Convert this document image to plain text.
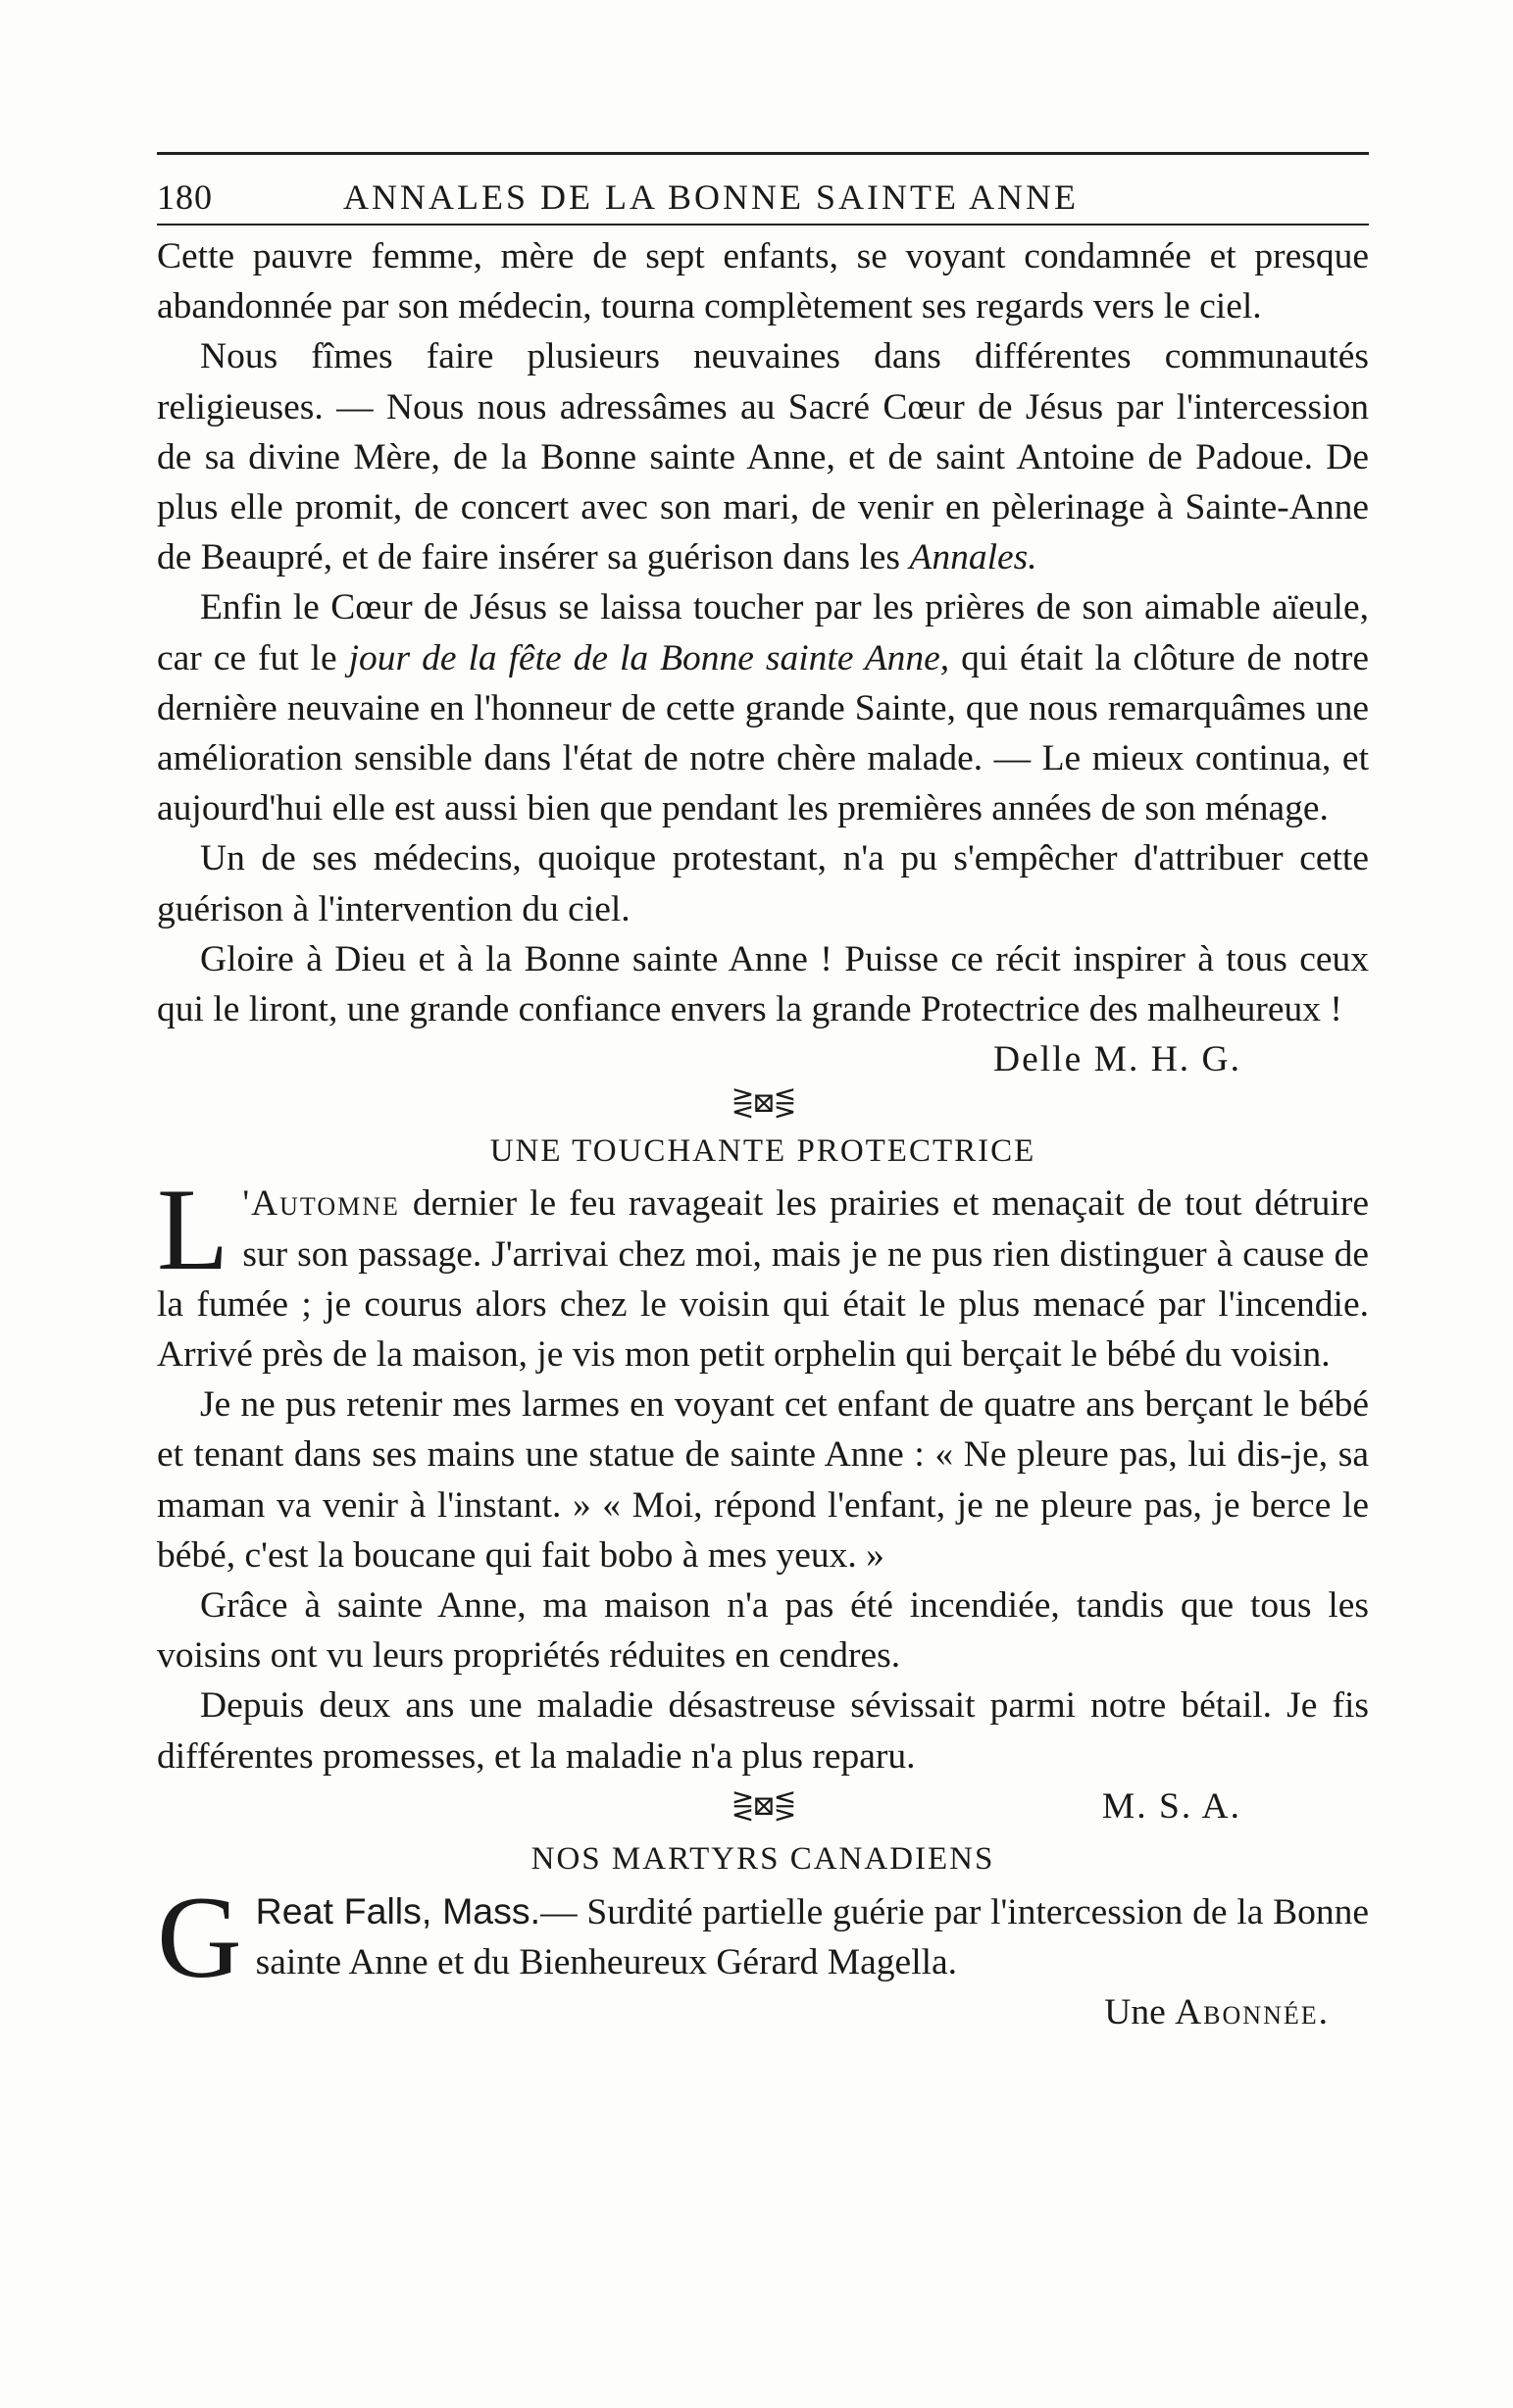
180	ANNALES DE LA BONNE SAINTE ANNE

Cette pauvre femme, mère de sept enfants, se voyant condamnée et presque abandonnée par son médecin, tourna complètement ses regards vers le ciel.

Nous fîmes faire plusieurs neuvaines dans différentes communautés religieuses. — Nous nous adressâmes au Sacré Cœur de Jésus par l'intercession de sa divine Mère, de la Bonne sainte Anne, et de saint Antoine de Padoue. De plus elle promit, de concert avec son mari, de venir en pèlerinage à Sainte-Anne de Beaupré, et de faire insérer sa guérison dans les Annales.

Enfin le Cœur de Jésus se laissa toucher par les prières de son aimable aïeule, car ce fut le jour de la fête de la Bonne sainte Anne, qui était la clôture de notre dernière neuvaine en l'honneur de cette grande Sainte, que nous remarquâmes une amélioration sensible dans l'état de notre chère malade. — Le mieux continua, et aujourd'hui elle est aussi bien que pendant les premières années de son ménage.

Un de ses médecins, quoique protestant, n'a pu s'empêcher d'attribuer cette guérison à l'intervention du ciel.

Gloire à Dieu et à la Bonne sainte Anne ! Puisse ce récit inspirer à tous ceux qui le liront, une grande confiance envers la grande Protectrice des malheureux !

Delle M. H. G.
⋛⊠⋚
UNE TOUCHANTE PROTECTRICE

L 'Automne dernier le feu ravageait les prairies et menaçait de tout détruire sur son passage. J'arrivai chez moi, mais je ne pus rien distinguer à cause de la fumée ; je courus alors chez le voisin qui était le plus menacé par l'incendie. Arrivé près de la maison, je vis mon petit orphelin qui berçait le bébé du voisin.

Je ne pus retenir mes larmes en voyant cet enfant de quatre ans berçant le bébé et tenant dans ses mains une statue de sainte Anne : « Ne pleure pas, lui dis-je, sa maman va venir à l'instant. » « Moi, répond l'enfant, je ne pleure pas, je berce le bébé, c'est la boucane qui fait bobo à mes yeux. »

Grâce à sainte Anne, ma maison n'a pas été incendiée, tandis que tous les voisins ont vu leurs propriétés réduites en cendres.

Depuis deux ans une maladie désastreuse sévissait parmi notre bétail. Je fis différentes promesses, et la maladie n'a plus reparu.

⋛⊠⋚	M. S. A.
NOS MARTYRS CANADIENS

G Reat Falls, Mass.— Surdité partielle guérie par l'intercession de la Bonne sainte Anne et du Bienheureux Gérard Magella.

Une Abonnée.
